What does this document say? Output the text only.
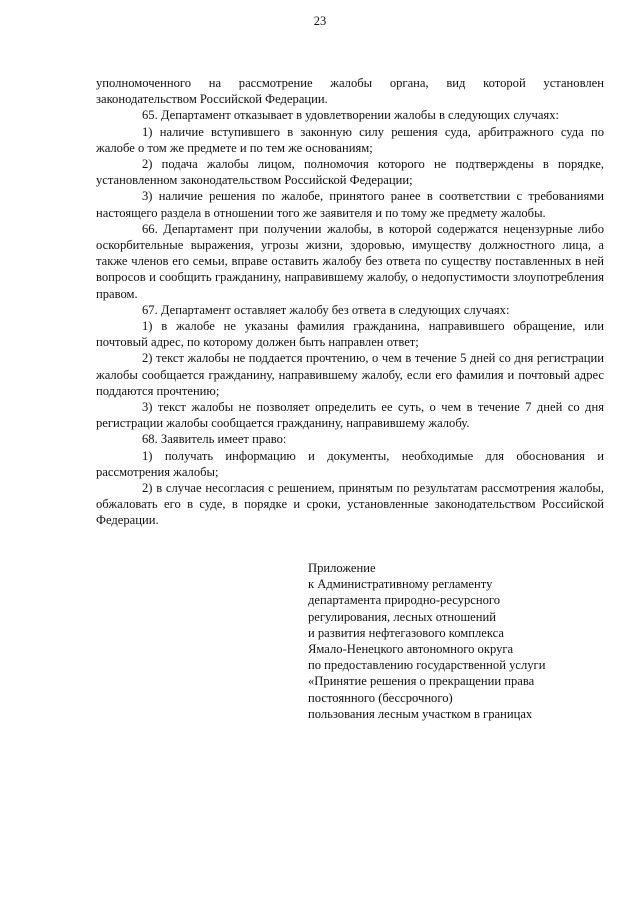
23

уполномоченного на рассмотрение жалобы органа, вид которой установлен законодательством Российской Федерации.

65. Департамент отказывает в удовлетворении жалобы в следующих случаях:

1) наличие вступившего в законную силу решения суда, арбитражного суда по жалобе о том же предмете и по тем же основаниям;

2) подача жалобы лицом, полномочия которого не подтверждены в порядке, установленном законодательством Российской Федерации;

3) наличие решения по жалобе, принятого ранее в соответствии с требованиями настоящего раздела в отношении того же заявителя и по тому же предмету жалобы.

66. Департамент при получении жалобы, в которой содержатся нецензурные либо оскорбительные выражения, угрозы жизни, здоровью, имуществу должностного лица, а также членов его семьи, вправе оставить жалобу без ответа по существу поставленных в ней вопросов и сообщить гражданину, направившему жалобу, о недопустимости злоупотребления правом.

67. Департамент оставляет жалобу без ответа в следующих случаях:

1) в жалобе не указаны фамилия гражданина, направившего обращение, или почтовый адрес, по которому должен быть направлен ответ;

2) текст жалобы не поддается прочтению, о чем в течение 5 дней со дня регистрации жалобы сообщается гражданину, направившему жалобу, если его фамилия и почтовый адрес поддаются прочтению;

3) текст жалобы не позволяет определить ее суть, о чем в течение 7 дней со дня регистрации жалобы сообщается гражданину, направившему жалобу.

68. Заявитель имеет право:

1) получать информацию и документы, необходимые для обоснования и рассмотрения жалобы;

2) в случае несогласия с решением, принятым по результатам рассмотрения жалобы, обжаловать его в суде, в порядке и сроки, установленные законодательством Российской Федерации.

Приложение
к Административному регламенту
департамента природно-ресурсного
регулирования, лесных отношений
и развития нефтегазового комплекса
Ямало-Ненецкого автономного округа
по предоставлению государственной услуги
«Принятие решения о прекращении права
постоянного (бессрочного)
пользования лесным участком в границах
